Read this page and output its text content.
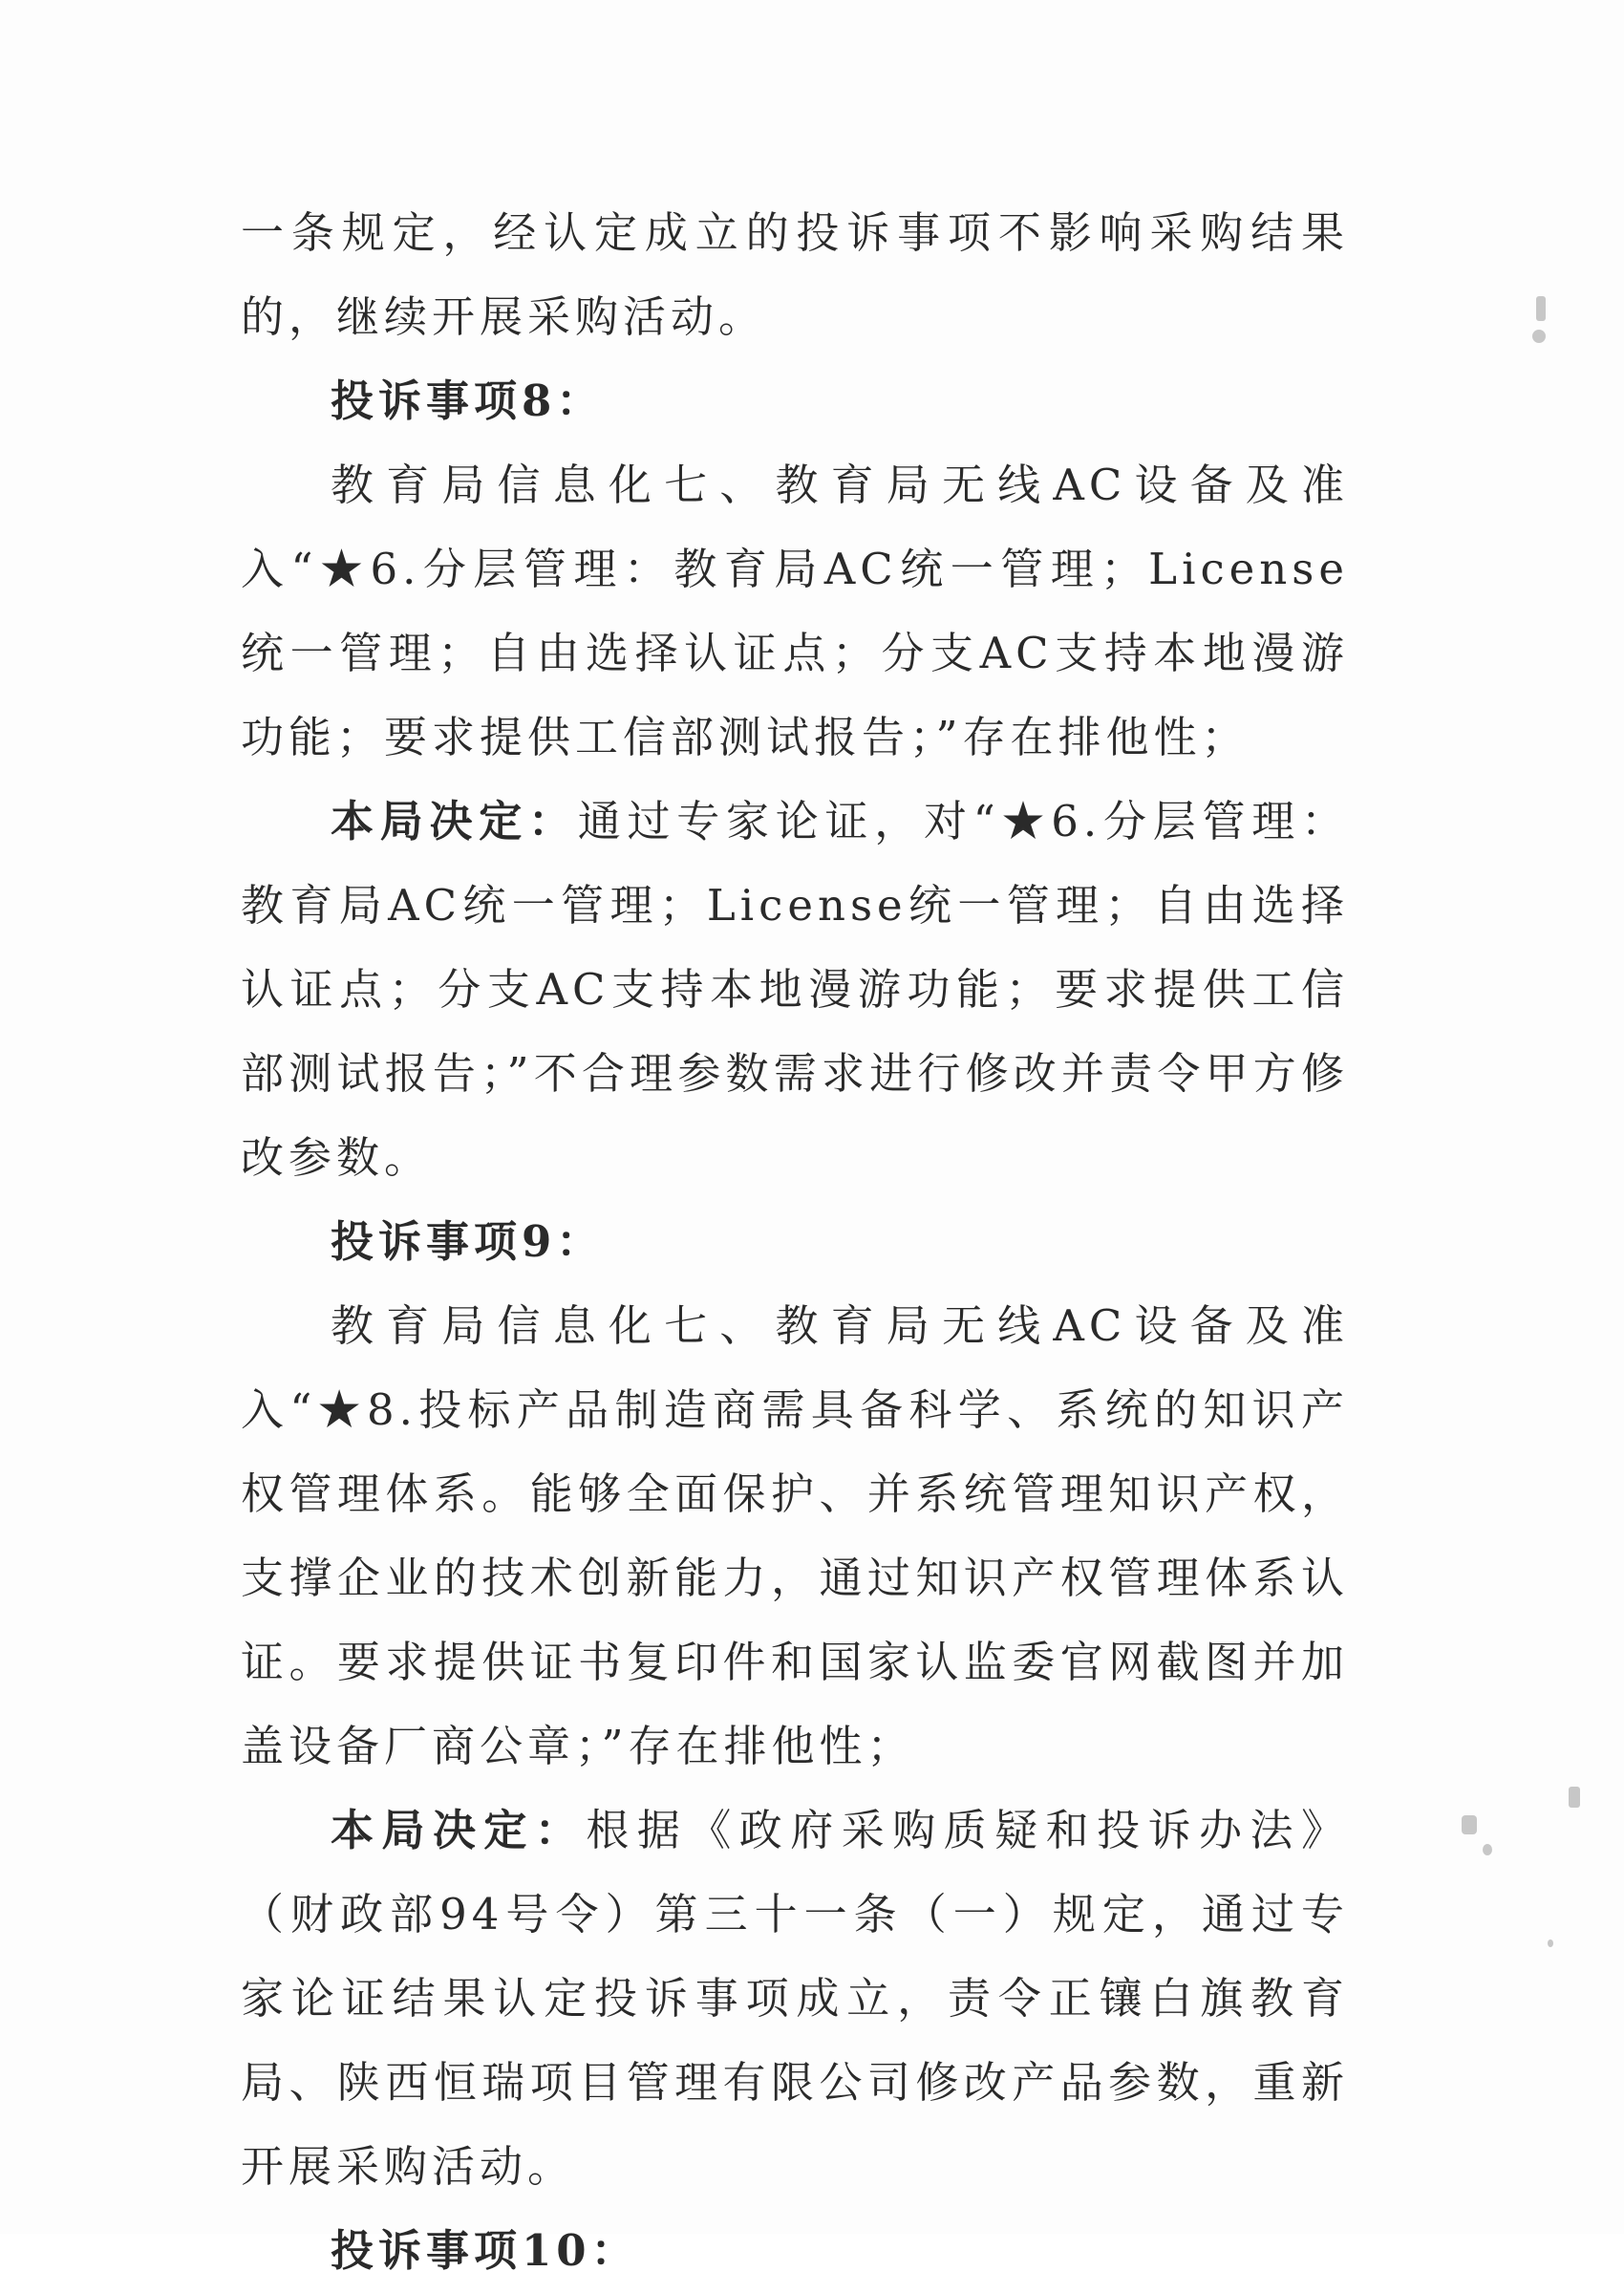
一条规定，经认定成立的投诉事项不影响采购结果的，继续开展采购活动。

投诉事项8：

教育局信息化七、教育局无线AC设备及准入“★6.分层管理：教育局AC统一管理；License统一管理；自由选择认证点；分支AC支持本地漫游功能；要求提供工信部测试报告；”存在排他性；

本局决定：通过专家论证，对“★6.分层管理：教育局AC统一管理；License统一管理；自由选择认证点；分支AC支持本地漫游功能；要求提供工信部测试报告；”不合理参数需求进行修改并责令甲方修改参数。

投诉事项9：

教育局信息化七、教育局无线AC设备及准入“★8.投标产品制造商需具备科学、系统的知识产权管理体系。能够全面保护、并系统管理知识产权，支撑企业的技术创新能力，通过知识产权管理体系认证。要求提供证书复印件和国家认监委官网截图并加盖设备厂商公章；”存在排他性；

本局决定：根据《政府采购质疑和投诉办法》（财政部94号令）第三十一条（一）规定，通过专家论证结果认定投诉事项成立，责令正镶白旗教育局、陕西恒瑞项目管理有限公司修改产品参数，重新开展采购活动。

投诉事项10：
